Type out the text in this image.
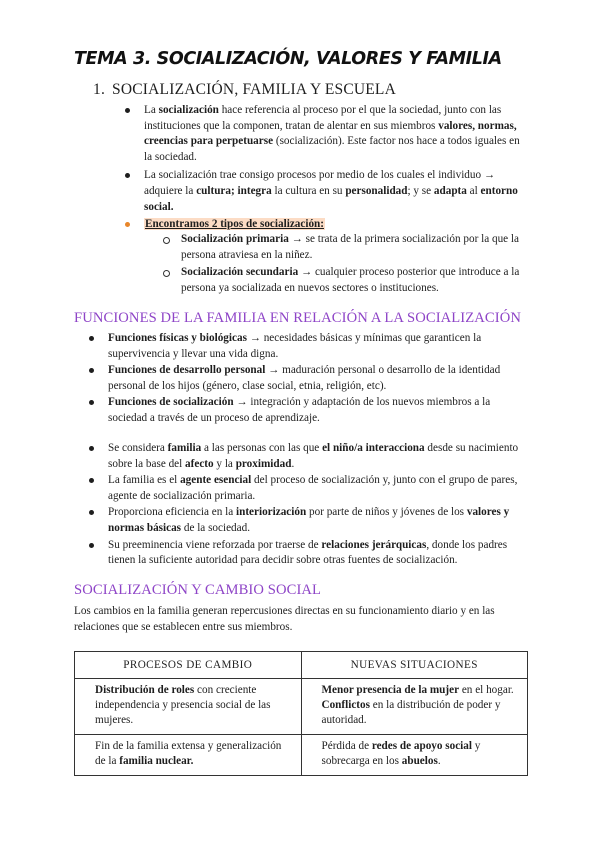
TEMA 3. SOCIALIZACIÓN, VALORES Y FAMILIA
1. SOCIALIZACIÓN, FAMILIA Y ESCUELA
La socialización hace referencia al proceso por el que la sociedad, junto con las instituciones que la componen, tratan de alentar en sus miembros valores, normas, creencias para perpetuarse (socialización). Este factor nos hace a todos iguales en la sociedad.
La socialización trae consigo procesos por medio de los cuales el individuo → adquiere la cultura; integra la cultura en su personalidad; y se adapta al entorno social.
Encontramos 2 tipos de socialización:
Socialización primaria → se trata de la primera socialización por la que la persona atraviesa en la niñez.
Socialización secundaria → cualquier proceso posterior que introduce a la persona ya socializada en nuevos sectores o instituciones.
FUNCIONES DE LA FAMILIA EN RELACIÓN A LA SOCIALIZACIÓN
Funciones físicas y biológicas → necesidades básicas y mínimas que garanticen la supervivencia y llevar una vida digna.
Funciones de desarrollo personal → maduración personal o desarrollo de la identidad personal de los hijos (género, clase social, etnia, religión, etc).
Funciones de socialización → integración y adaptación de los nuevos miembros a la sociedad a través de un proceso de aprendizaje.
Se considera familia a las personas con las que el niño/a interacciona desde su nacimiento sobre la base del afecto y la proximidad.
La familia es el agente esencial del proceso de socialización y, junto con el grupo de pares, agente de socialización primaria.
Proporciona eficiencia en la interiorización por parte de niños y jóvenes de los valores y normas básicas de la sociedad.
Su preeminencia viene reforzada por traerse de relaciones jerárquicas, donde los padres tienen la suficiente autoridad para decidir sobre otras fuentes de socialización.
SOCIALIZACIÓN Y CAMBIO SOCIAL

Los cambios en la familia generan repercusiones directas en su funcionamiento diario y en las relaciones que se establecen entre sus miembros.

PROCESOS DE CAMBIO	NUEVAS SITUACIONES
Distribución de roles con creciente independencia y presencia social de las mujeres.	Menor presencia de la mujer en el hogar. Conflictos en la distribución de poder y autoridad.
Fin de la familia extensa y generalización de la familia nuclear.	Pérdida de redes de apoyo social y sobrecarga en los abuelos.
